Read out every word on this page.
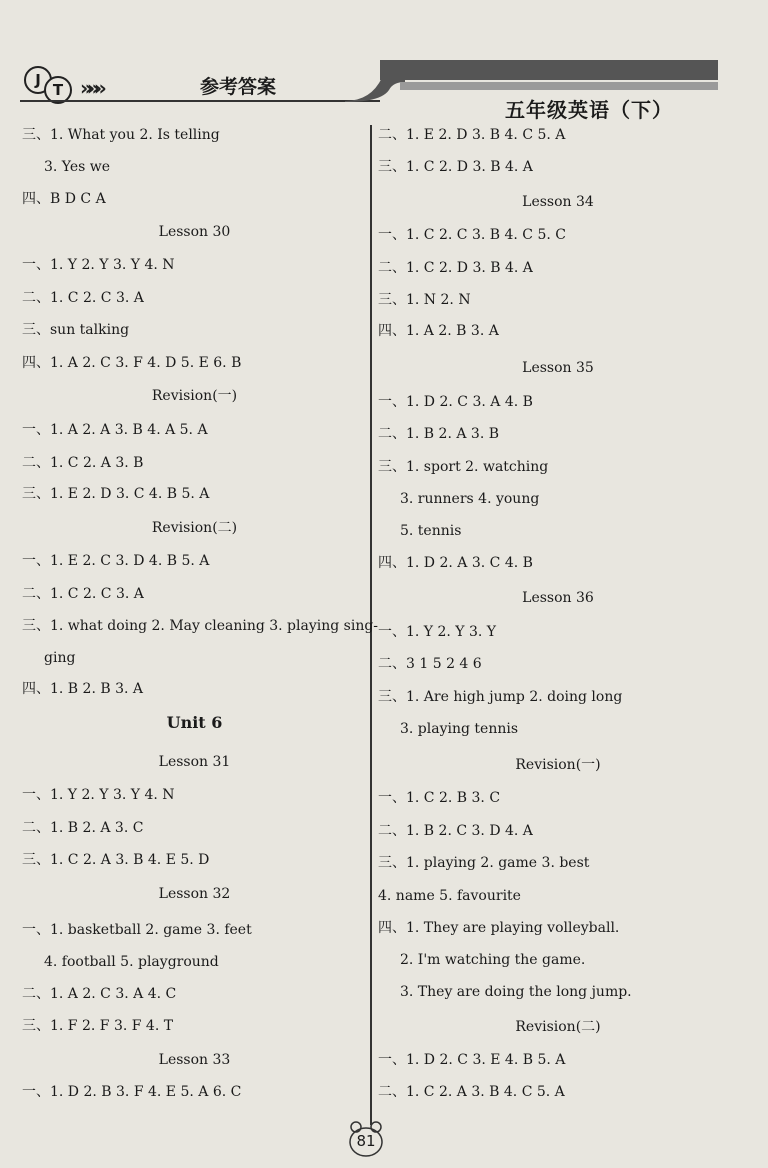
J
T »»»	参考答案
五年级英语（下）
三、1. What you 2. Is telling
3. Yes we
四、B D C A
Lesson 30
一、1. Y 2. Y 3. Y 4. N
二、1. C 2. C 3. A
三、sun talking
四、1. A 2. C 3. F 4. D 5. E 6. B
Revision(一)
一、1. A 2. A 3. B 4. A 5. A
二、1. C 2. A 3. B
三、1. E 2. D 3. C 4. B 5. A
Revision(二)
一、1. E 2. C 3. D 4. B 5. A
二、1. C 2. C 3. A
三、1. what doing 2. May cleaning 3. playing sing-
ging
四、1. B 2. B 3. A
Unit 6
Lesson 31
一、1. Y 2. Y 3. Y 4. N
二、1. B 2. A 3. C
三、1. C 2. A 3. B 4. E 5. D
Lesson 32
一、1. basketball 2. game 3. feet
4. football 5. playground
二、1. A 2. C 3. A 4. C
三、1. F 2. F 3. F 4. T
Lesson 33
一、1. D 2. B 3. F 4. E 5. A 6. C
二、1. E 2. D 3. B 4. C 5. A
三、1. C 2. D 3. B 4. A
Lesson 34
一、1. C 2. C 3. B 4. C 5. C
二、1. C 2. D 3. B 4. A
三、1. N 2. N
四、1. A 2. B 3. A
Lesson 35
一、1. D 2. C 3. A 4. B
二、1. B 2. A 3. B
三、1. sport 2. watching
3. runners 4. young
5. tennis
四、1. D 2. A 3. C 4. B
Lesson 36
一、1. Y 2. Y 3. Y
二、3 1 5 2 4 6
三、1. Are high jump 2. doing long
3. playing tennis
Revision(一)
一、1. C 2. B 3. C
二、1. B 2. C 3. D 4. A
三、1. playing 2. game 3. best
4. name 5. favourite
四、1. They are playing volleyball.
2. I'm watching the game.
3. They are doing the long jump.
Revision(二)
一、1. D 2. C 3. E 4. B 5. A
二、1. C 2. A 3. B 4. C 5. A
81
